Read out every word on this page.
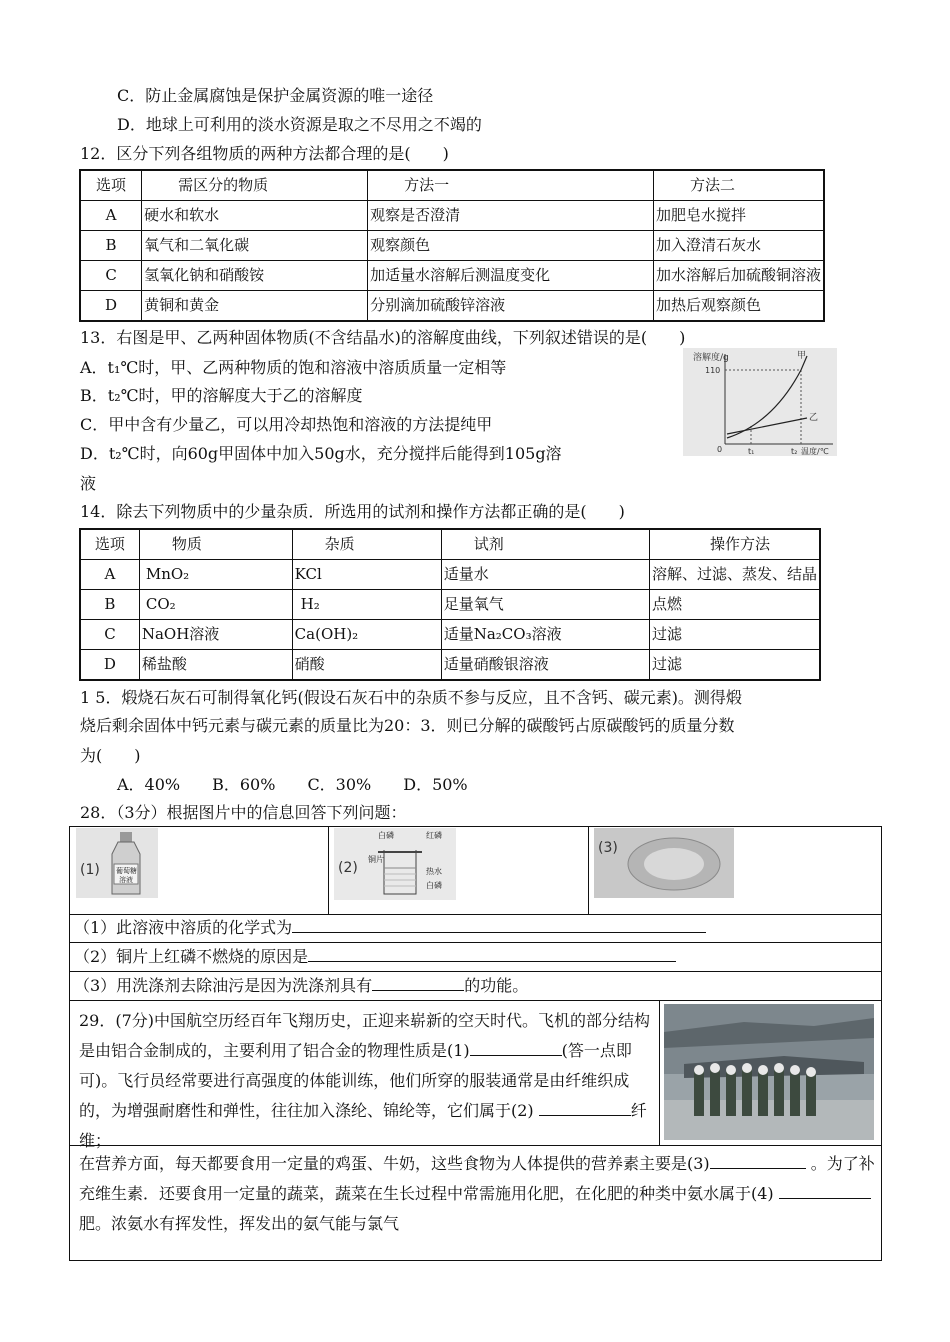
C．防止金属腐蚀是保护金属资源的唯一途径
D．地球上可利用的淡水资源是取之不尽用之不竭的
12．区分下列各组物质的两种方法都合理的是(　　)
选项	需区分的物质	方法一	方法二
A	硬水和软水	观察是否澄清	加肥皂水搅拌
B	氧气和二氧化碳	观察颜色	加入澄清石灰水
C	氢氧化钠和硝酸铵	加适量水溶解后测温度变化	加水溶解后加硫酸铜溶液
D	黄铜和黄金	分别滴加硫酸锌溶液	加热后观察颜色
13．右图是甲、乙两种固体物质(不含结晶水)的溶解度曲线，下列叙述错误的是(　　)
A．t₁℃时，甲、乙两种物质的饱和溶液中溶质质量一定相等
B．t₂℃时，甲的溶解度大于乙的溶解度
C．甲中含有少量乙，可以用冷却热饱和溶液的方法提纯甲
D．t₂℃时，向60g甲固体中加入50g水，充分搅拌后能得到105g溶
液
溶解度/g
110
0	t₁	t₂ 温度/℃
甲
乙
14．除去下列物质中的少量杂质．所选用的试剂和操作方法都正确的是(　　)
选项	物质	杂质	试剂	操作方法
A	MnO₂	KCl	适量水	溶解、过滤、蒸发、结晶
B	CO₂	H₂	足量氧气	点燃
C	NaOH溶液	Ca(OH)₂	适量Na₂CO₃溶液	过滤
D	稀盐酸	硝酸	适量硝酸银溶液	过滤
1 5．煅烧石灰石可制得氧化钙(假设石灰石中的杂质不参与反应，且不含钙、碳元素)。测得煅
烧后剩余固体中钙元素与碳元素的质量比为20：3．则已分解的碳酸钙占原碳酸钙的质量分数
为(　　)
A．40%　　B．60%　　C．30%　　D．50%
28．（3分）根据图片中的信息回答下列问题：
(1) 葡萄糖
溶液
(2)
白磷	红磷
铜片
热水
白磷
(3)
（1）此溶液中溶质的化学式为
（2）铜片上红磷不燃烧的原因是
（3）用洗涤剂去除油污是因为洗涤剂具有	的功能。
29．(7分)中国航空历经百年飞翔历史，正迎来崭新的空天时代。飞机的部分结构是由铝合金制成的，主要利用了铝合金的物理性质是(1)	(答一点即可)。飞行员经常要进行高强度的体能训练，他们所穿的服装通常是由纤维织成的，为增强耐磨性和弹性，往往加入涤纶、锦纶等，它们属于(2)	纤维；
在营养方面，每天都要食用一定量的鸡蛋、牛奶，这些食物为人体提供的营养素主要是(3)	。为了补充维生素．还要食用一定量的蔬菜，蔬菜在生长过程中常需施用化肥，在化肥的种类中氨水属于(4) 肥。浓氨水有挥发性，挥发出的氨气能与氯气
